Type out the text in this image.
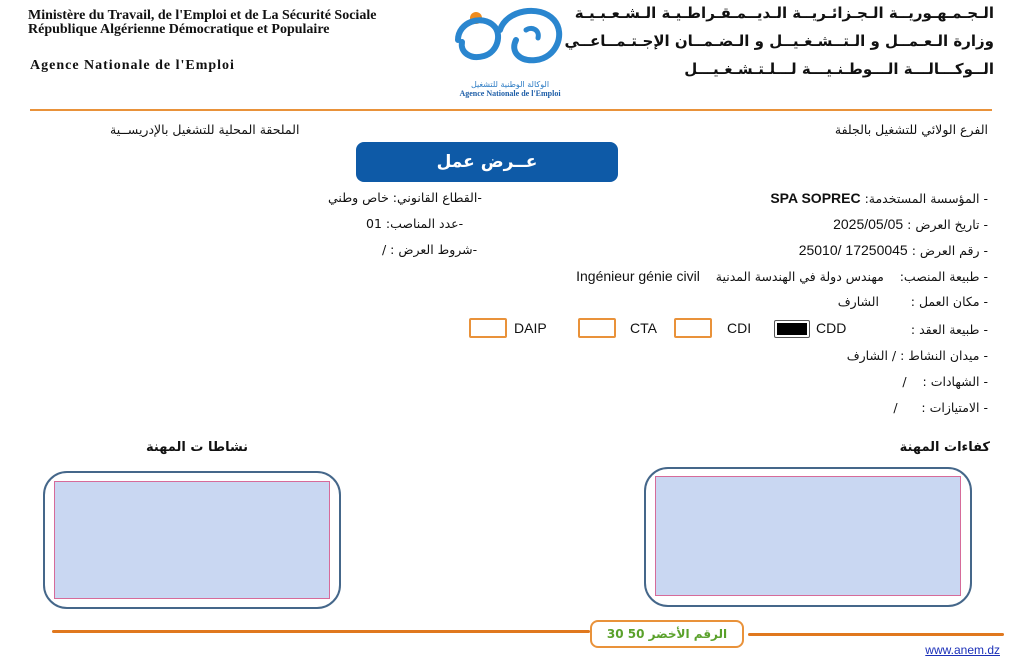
Ministère du Travail, de l'Emploi et de La Sécurité Sociale
République Algérienne Démocratique et Populaire
Agence Nationale de l'Emploi
الوكالة الوطنية للتشغيل
Agence Nationale de l'Emploi
الـجـمـهـوريــة الـجـزائـريــة الـديــمـقـراطـيـة الـشـعـبـيـة
وزارة الـعـمــل و الـتــشـغـيــل و الـضـمــان الإجـتـمــاعــي
الــوكـــالـــة الـــوطـنـيـــة لـــلـتـشـغـيـــل
الفرع الولائي للتشغيل بالجلفة
الملحقة المحلية للتشغيل بالإدريســية
عــرض عمل
- المؤسسة المستخدمة: SPA SOPREC
- تاريخ العرض : 2025/05/05
- رقم العرض : 17250045 /25010
- طبيعة المنصب:    مهندس دولة في الهندسة المدنية    Ingénieur génie civil
- مكان العمل :        الشارف
- طبيعة العقد :
CDD
CDI
CTA
DAIP
- ميدان النشاط : / الشارف
- الشهادات :    /
- الامتيازات :      /
-القطاع القانوني: خاص وطني
-عدد المناصب: 01
-شروط العرض : /
كفاءات المهنة
نشاطا ت المهنة
الرقم الأخضر 50 30
www.anem.dz
